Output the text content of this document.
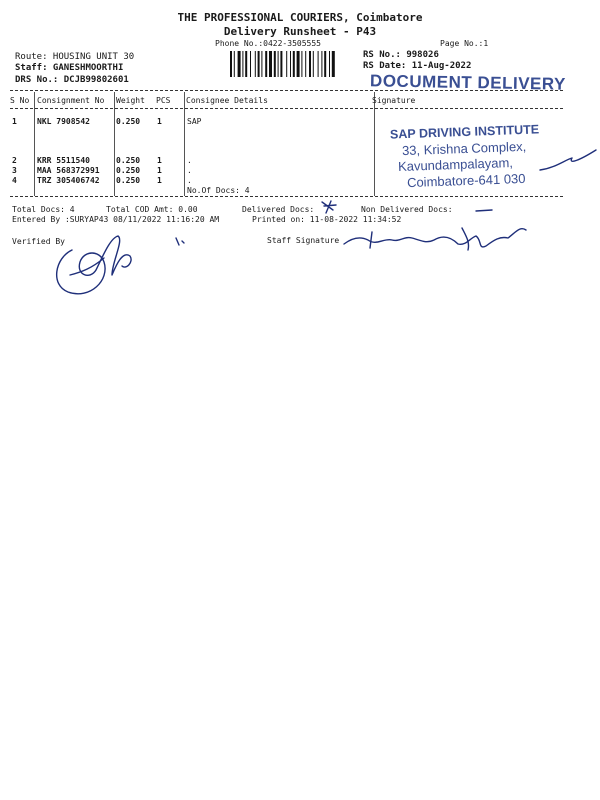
THE PROFESSIONAL COURIERS, Coimbatore
Delivery Runsheet - P43
Phone No.:0422-3505555	Page No.:1
Route: HOUSING UNIT 30
Staff: GANESHMOORTHI
DRS No.: DCJB99802601
RS No.: 998026
RS Date: 11-Aug-2022
DOCUMENT DELIVERY
S No Consignment No Weight PCS Consignee Details	Signature
1	NKL 7908542	0.250 1	SAP
2	KRR 5511540	0.250 1	.
3	MAA 568372991 0.250 1	.
4	TRZ 305406742 0.250 1	.
No.Of Docs: 4
SAP DRIVING INSTITUTE
33, Krishna Complex,
Kavundampalayam,
Coimbatore-641 030
Total Docs: 4	Total COD Amt: 0.00	Delivered Docs:	Non Delivered Docs:
Entered By :SURYAP43 08/11/2022 11:16:20 AM	Printed on: 11-08-2022 11:34:52
Verified By	Staff Signature
